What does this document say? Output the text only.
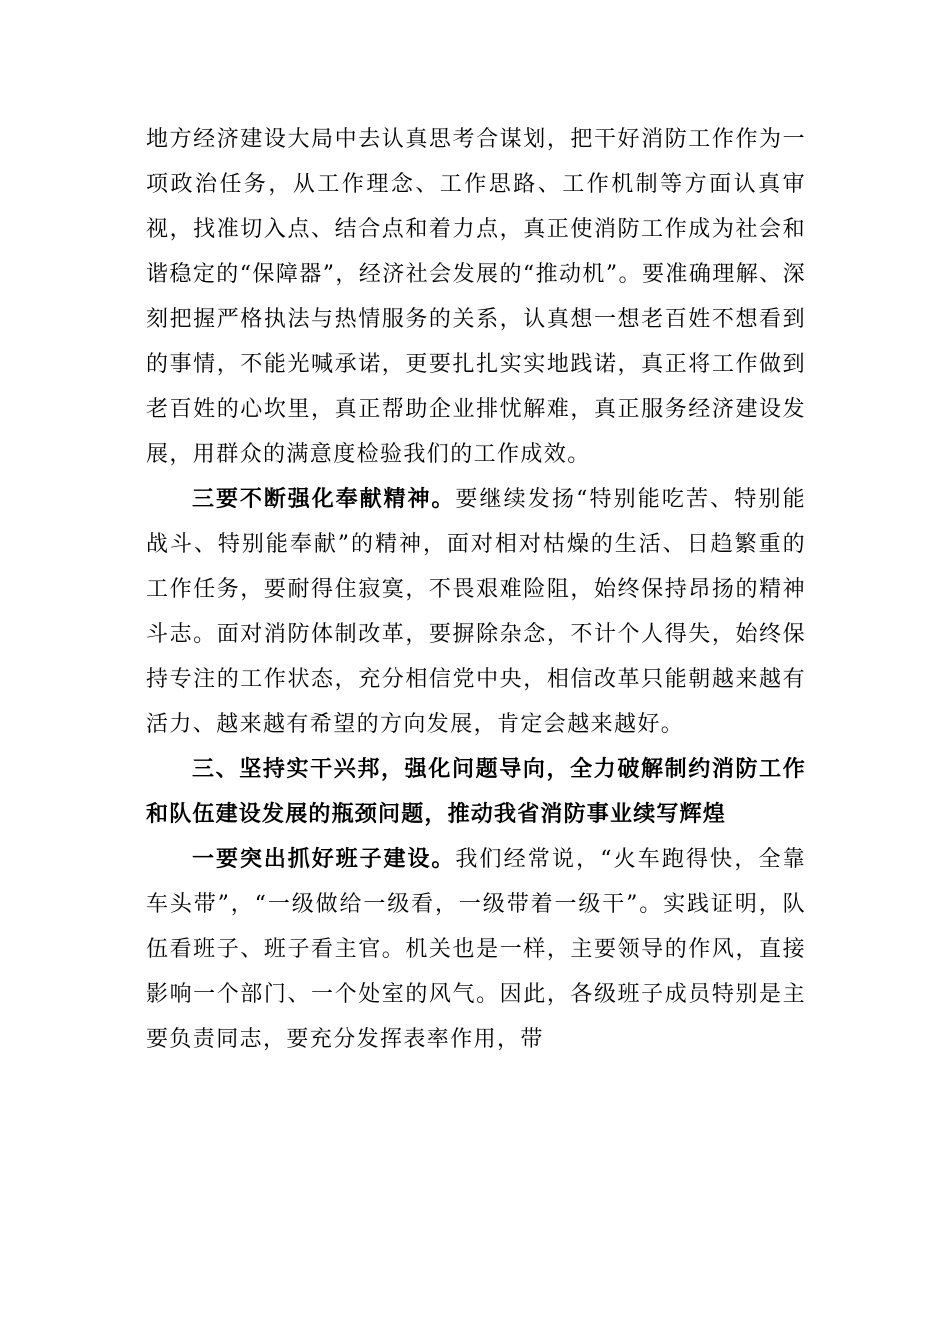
地方经济建设大局中去认真思考合谋划，把干好消防工作作为一项政治任务，从工作理念、工作思路、工作机制等方面认真审视，找准切入点、结合点和着力点，真正使消防工作成为社会和谐稳定的“保障器”，经济社会发展的“推动机”。要准确理解、深刻把握严格执法与热情服务的关系，认真想一想老百姓不想看到的事情，不能光喊承诺，更要扎扎实实地践诺，真正将工作做到老百姓的心坎里，真正帮助企业排忧解难，真正服务经济建设发展，用群众的满意度检验我们的工作成效。

三要不断强化奉献精神。要继续发扬“特别能吃苦、特别能战斗、特别能奉献”的精神，面对相对枯燥的生活、日趋繁重的工作任务，要耐得住寂寞，不畏艰难险阻，始终保持昂扬的精神斗志。面对消防体制改革，要摒除杂念，不计个人得失，始终保持专注的工作状态，充分相信党中央，相信改革只能朝越来越有活力、越来越有希望的方向发展，肯定会越来越好。

三、坚持实干兴邦，强化问题导向，全力破解制约消防工作和队伍建设发展的瓶颈问题，推动我省消防事业续写辉煌

一要突出抓好班子建设。我们经常说，“火车跑得快，全靠车头带”，“一级做给一级看，一级带着一级干”。实践证明，队伍看班子、班子看主官。机关也是一样，主要领导的作风，直接影响一个部门、一个处室的风气。因此，各级班子成员特别是主要负责同志，要充分发挥表率作用，带
